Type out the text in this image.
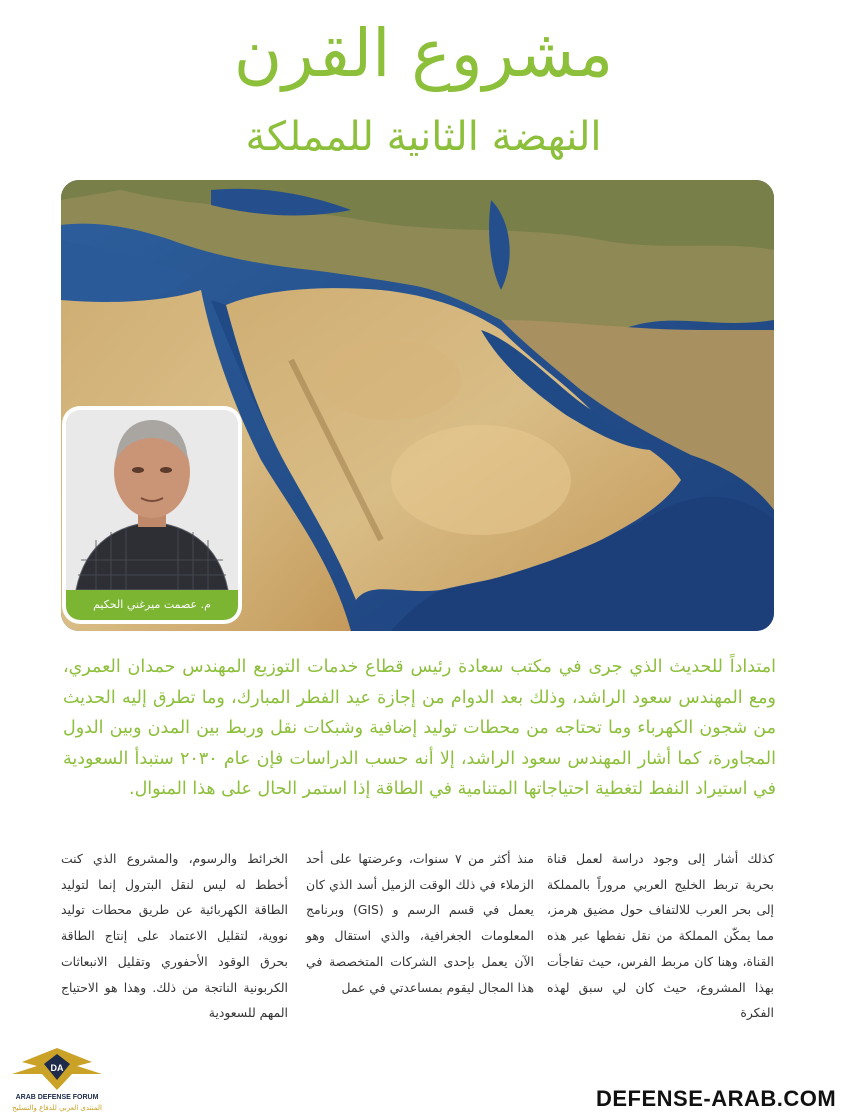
مشروع القرن
النهضة الثانية للمملكة
م. عصمت ميرغني الحكيم

امتداداً للحديث الذي جرى في مكتب سعادة رئيس قطاع خدمات التوزيع المهندس حمدان العمري، ومع المهندس سعود الراشد، وذلك بعد الدوام من إجازة عيد الفطر المبارك، وما تطرق إليه الحديث من شجون الكهرباء وما تحتاجه من محطات توليد إضافية وشبكات نقل وربط بين المدن وبين الدول المجاورة، كما أشار المهندس سعود الراشد، إلا أنه حسب الدراسات فإن عام ٢٠٣٠ ستبدأ السعودية في استيراد النفط لتغطية احتياجاتها المتنامية في الطاقة إذا استمر الحال على هذا المنوال.

كذلك أشار إلى وجود دراسة لعمل قناة بحرية تربط الخليج العربي مروراً بالمملكة إلى بحر العرب للالتفاف حول مضيق هرمز، مما يمكّن المملكة من نقل نفطها عبر هذه القناة، وهنا كان مربط الفرس، حيث تفاجأت بهذا المشروع، حيث كان لي سبق لهذه الفكرة

منذ أكثر من ٧ سنوات، وعرضتها على أحد الزملاء في ذلك الوقت الزميل أسد الذي كان يعمل في قسم الرسم و (GIS) وبرنامج المعلومات الجغرافية، والذي استقال وهو الآن يعمل بإحدى الشركات المتخصصة في هذا المجال ليقوم بمساعدتي في عمل

الخرائط والرسوم، والمشروع الذي كنت أخطط له ليس لنقل البترول إنما لتوليد الطاقة الكهربائية عن طريق محطات توليد نووية، لتقليل الاعتماد على إنتاج الطاقة بحرق الوقود الأحفوري وتقليل الانبعاثات الكربونية الناتجة من ذلك. وهذا هو الاحتياج المهم للسعودية

DA
ARAB DEFENSE FORUM
المنتدى العربي للدفاع والتسليح	DEFENSE-ARAB.COM
